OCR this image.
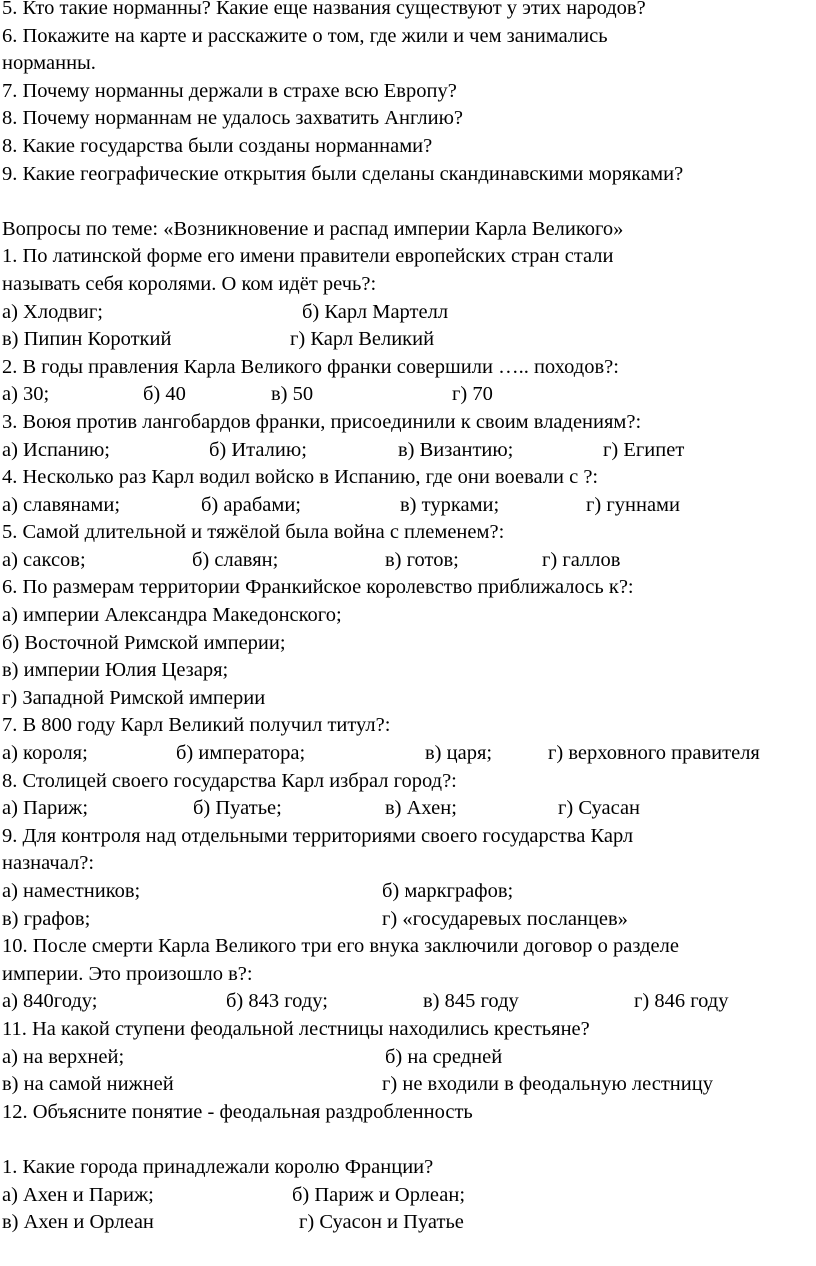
5. Кто такие норманны? Какие еще названия существуют у этих народов?
6. Покажите на карте и расскажите о том, где жили и чем занимались
норманны.
7. Почему норманны держали в страхе всю Европу?
8. Почему норманнам не удалось захватить Англию?
8. Какие государства были созданы норманнами?
9. Какие географические открытия были сделаны скандинавскими моряками?
Вопросы по теме: «Возникновение и распад империи Карла Великого»
1. По латинской форме его имени правители европейских стран стали
называть себя королями. О ком идёт речь?:
а) Хлодвиг;	б) Карл Мартелл
в) Пипин Короткий	г) Карл Великий
2. В годы правления Карла Великого франки совершили ….. походов?:
а) 30;	б) 40	в) 50	г) 70
3. Воюя против лангобардов франки, присоединили к своим владениям?:
а) Испанию;	б) Италию;	в) Византию;	г) Египет
4. Несколько раз Карл водил войско в Испанию, где они воевали с ?:
а) славянами;	б) арабами;	в) турками;	г) гуннами
5. Самой длительной и тяжёлой была война с племенем?:
а) саксов;	б) славян;	в) готов;	г) галлов
6. По размерам территории Франкийское королевство приближалось к?:
а) империи Александра Македонского;
б) Восточной Римской империи;
в) империи Юлия Цезаря;
г) Западной Римской империи
7. В 800 году Карл Великий получил титул?:
а) короля;	б) императора;	в) царя;	г) верховного правителя
8. Столицей своего государства Карл избрал город?:
а) Париж;	б) Пуатье;	в) Ахен;	г) Суасан
9. Для контроля над отдельными территориями своего государства Карл
назначал?:
а) наместников;	б) маркграфов;
в) графов;	г) «государевых посланцев»
10. После смерти Карла Великого три его внука заключили договор о разделе
империи. Это произошло в?:
а) 840году;	б) 843 году;	в) 845 году	г) 846 году
11. На какой ступени феодальной лестницы находились крестьяне?
а) на верхней;	б) на средней
в) на самой нижней	г) не входили в феодальную лестницу
12. Объясните понятие - феодальная раздробленность
1. Какие города принадлежали королю Франции?
а) Ахен и Париж;	б) Париж и Орлеан;
в) Ахен и Орлеан	г) Суасон и Пуатье
